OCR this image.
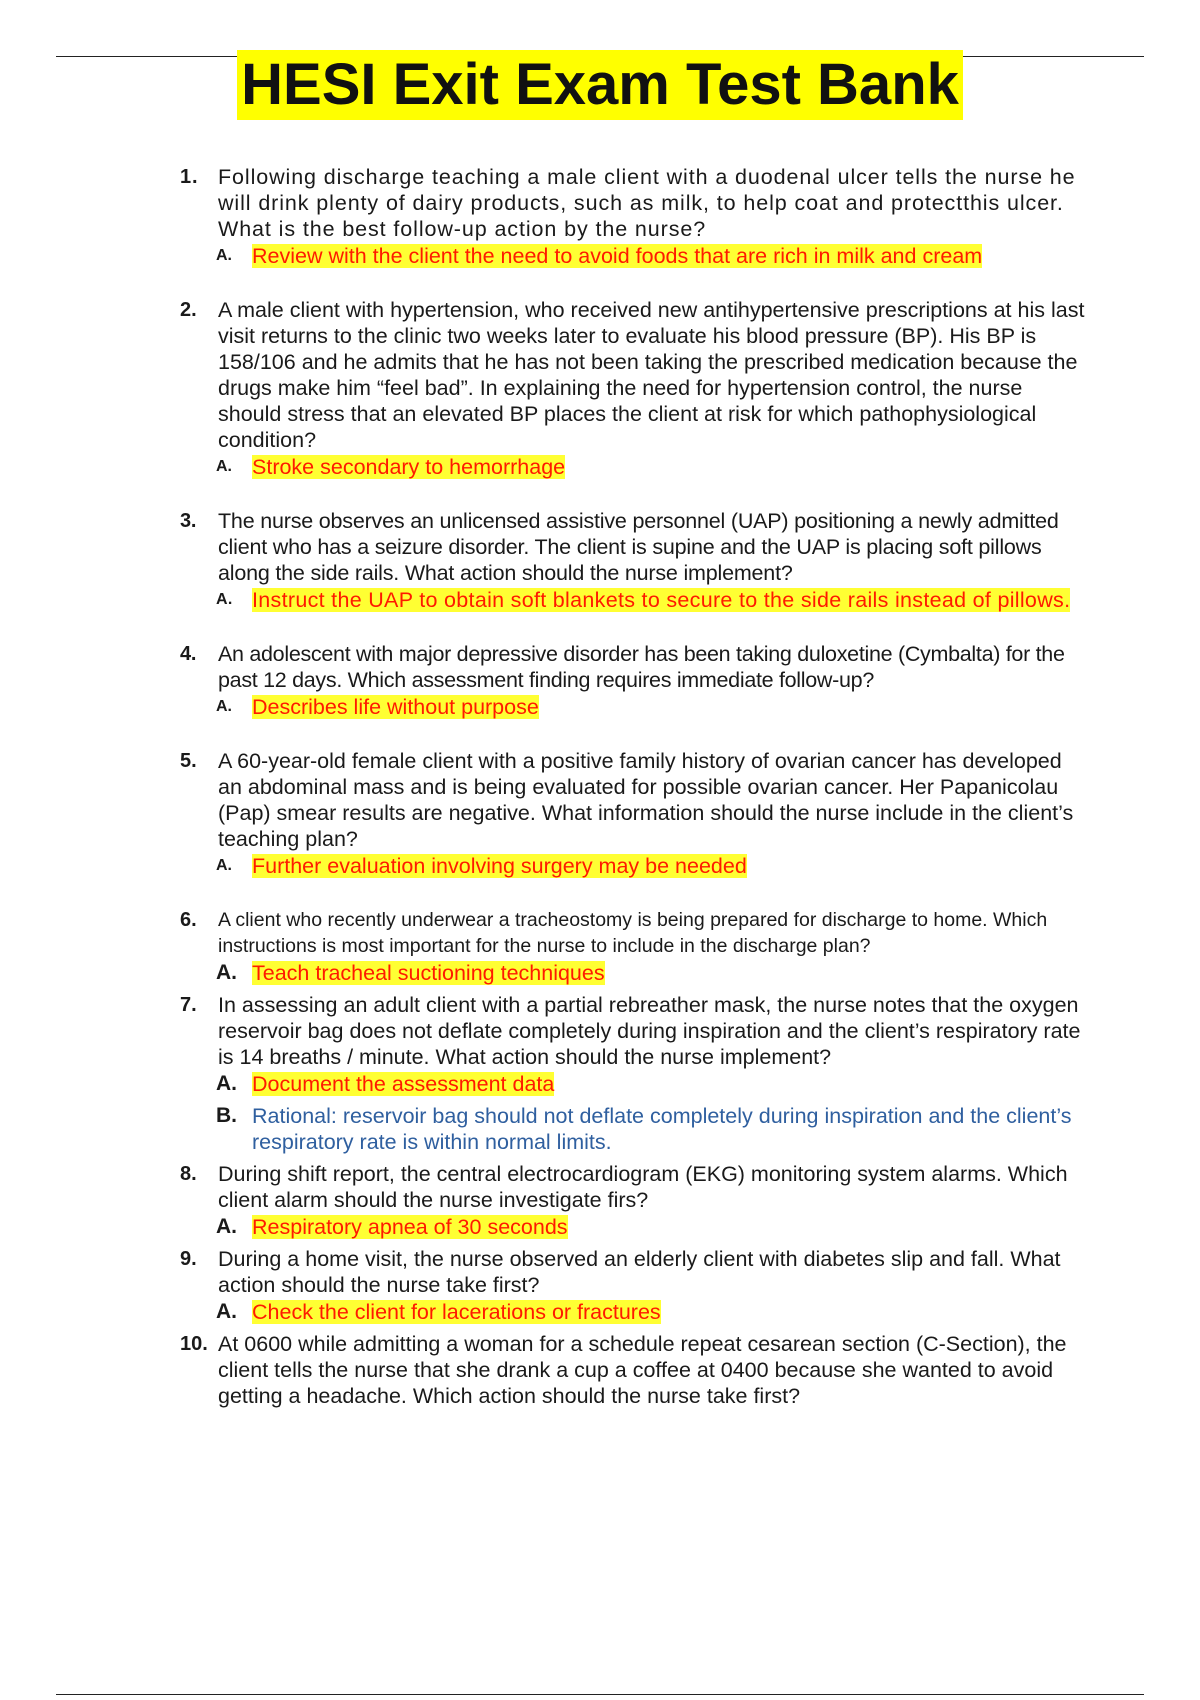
HESI Exit Exam Test Bank
1. Following discharge teaching a male client with a duodenal ulcer tells the nurse he will drink plenty of dairy products, such as milk, to help coat and protectthis ulcer. What is the best follow-up action by the nurse?
A. Review with the client the need to avoid foods that are rich in milk and cream
2. A male client with hypertension, who received new antihypertensive prescriptions at his last visit returns to the clinic two weeks later to evaluate his blood pressure (BP). His BP is 158/106 and he admits that he has not been taking the prescribed medication because the drugs make him “feel bad”. In explaining the need for hypertension control, the nurse should stress that an elevated BP places the client at risk for which pathophysiological condition?
A. Stroke secondary to hemorrhage
3. The nurse observes an unlicensed assistive personnel (UAP) positioning a newly admitted client who has a seizure disorder. The client is supine and the UAP is placing soft pillows along the side rails. What action should the nurse implement?
A. Instruct the UAP to obtain soft blankets to secure to the side rails instead of pillows.
4. An adolescent with major depressive disorder has been taking duloxetine (Cymbalta) for the past 12 days. Which assessment finding requires immediate follow-up?
A. Describes life without purpose
5. A 60-year-old female client with a positive family history of ovarian cancer has developed an abdominal mass and is being evaluated for possible ovarian cancer. Her Papanicolau (Pap) smear results are negative. What information should the nurse include in the client’s teaching plan?
A. Further evaluation involving surgery may be needed
6. A client who recently underwear a tracheostomy is being prepared for discharge to home. Which instructions is most important for the nurse to include in the discharge plan?
A. Teach tracheal suctioning techniques
7. In assessing an adult client with a partial rebreather mask, the nurse notes that the oxygen reservoir bag does not deflate completely during inspiration and the client’s respiratory rate is 14 breaths / minute. What action should the nurse implement?
A. Document the assessment data
B. Rational: reservoir bag should not deflate completely during inspiration and the client’s respiratory rate is within normal limits.
8. During shift report, the central electrocardiogram (EKG) monitoring system alarms. Which client alarm should the nurse investigate firs?
A. Respiratory apnea of 30 seconds
9. During a home visit, the nurse observed an elderly client with diabetes slip and fall. What action should the nurse take first?
A. Check the client for lacerations or fractures
10. At 0600 while admitting a woman for a schedule repeat cesarean section (C-Section), the client tells the nurse that she drank a cup a coffee at 0400 because she wanted to avoid getting a headache. Which action should the nurse take first?
